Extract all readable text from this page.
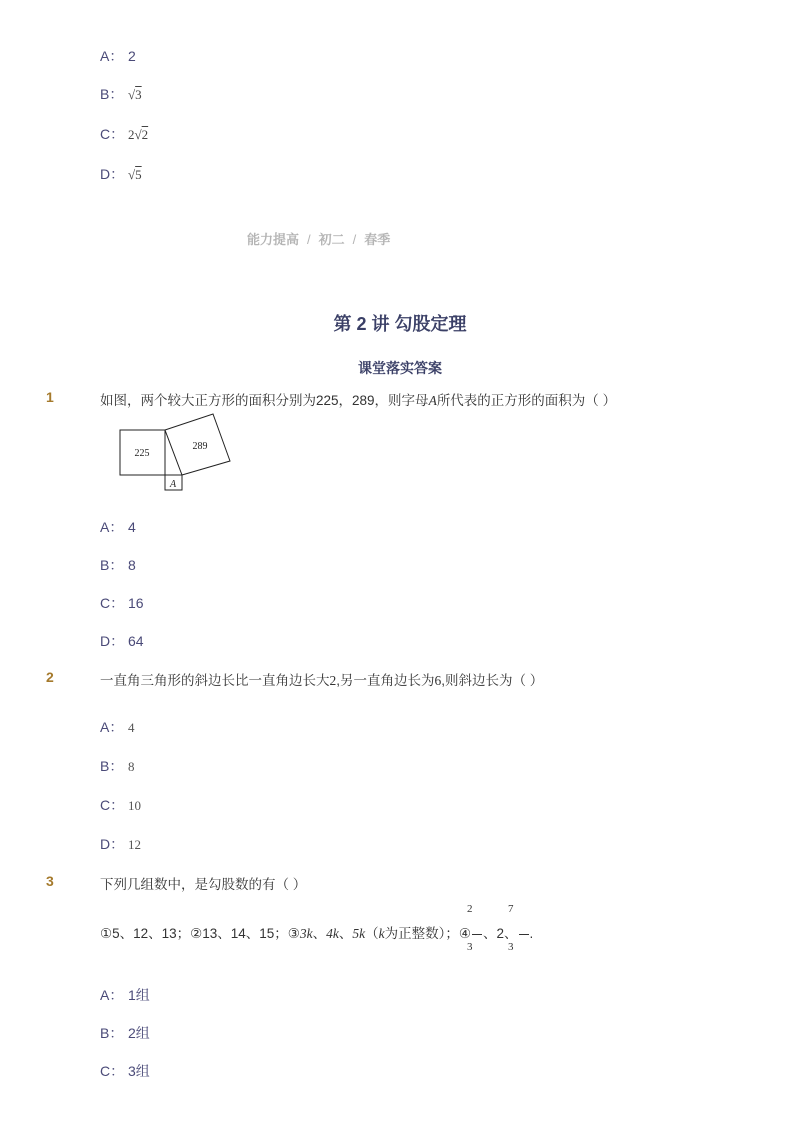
A： 2
B： √3
C： 2√2
D： √5
能力提高 / 初二 / 春季
第 2 讲 勾股定理
课堂落实答案
1	如图，两个较大正方形的面积分别为225，289，则字母A所代表的正方形的面积为（ ）
225
289
A
A： 4
B： 8
C： 16
D： 64
2	一直角三角形的斜边长比一直角边长大2,另一直角边长为6,则斜边长为（ ）
A： 4
B： 8
C： 10
D： 12
3	下列几组数中，是勾股数的有（ ）
①5、12、13；②13、14、15；③3k、4k、5k（k为正整数）；④ 、2、 .
2
3
7
3
A： 1组
B： 2组
C： 3组
